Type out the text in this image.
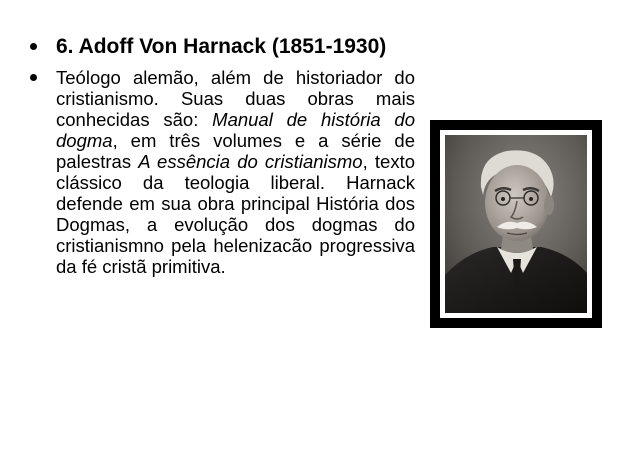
6. Adoff Von Harnack (1851-1930)
Teólogo alemão, além de historiador do cristianismo. Suas duas obras mais conhecidas são: Manual de história do dogma, em três volumes e a série de palestras A essência do cristianismo, texto clássico da teologia liberal. Harnack defende em sua obra principal História dos Dogmas, a evolução dos dogmas do cristianismno pela helenizacão progressiva da fé cristã primitiva.
